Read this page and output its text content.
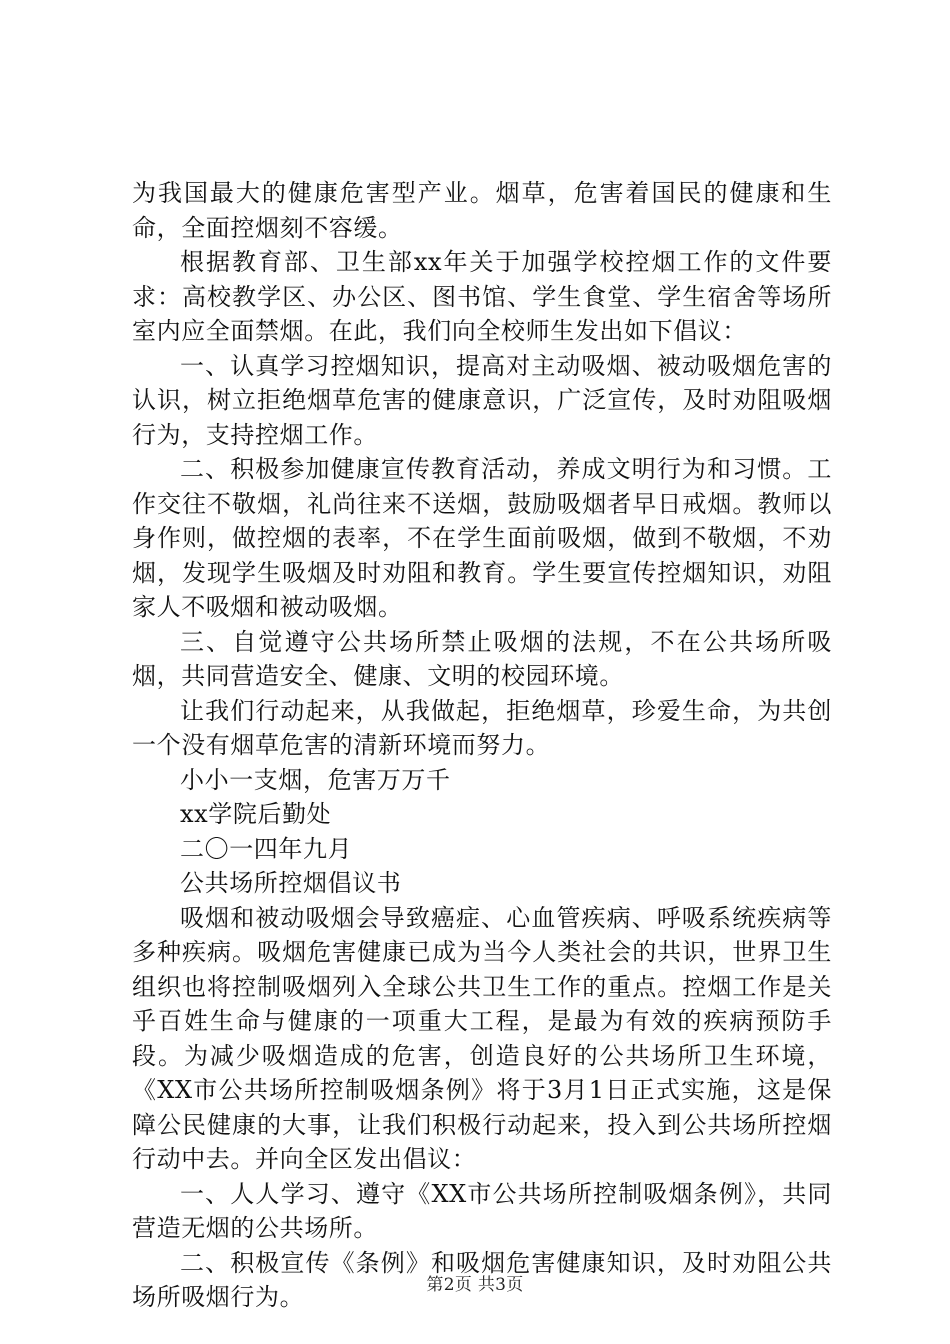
为我国最大的健康危害型产业。烟草，危害着国民的健康和生命，全面控烟刻不容缓。

根据教育部、卫生部xx年关于加强学校控烟工作的文件要求：高校教学区、办公区、图书馆、学生食堂、学生宿舍等场所室内应全面禁烟。在此，我们向全校师生发出如下倡议：

一、认真学习控烟知识，提高对主动吸烟、被动吸烟危害的认识，树立拒绝烟草危害的健康意识，广泛宣传，及时劝阻吸烟行为，支持控烟工作。

二、积极参加健康宣传教育活动，养成文明行为和习惯。工作交往不敬烟，礼尚往来不送烟，鼓励吸烟者早日戒烟。教师以身作则，做控烟的表率，不在学生面前吸烟，做到不敬烟，不劝烟，发现学生吸烟及时劝阻和教育。学生要宣传控烟知识，劝阻家人不吸烟和被动吸烟。

三、自觉遵守公共场所禁止吸烟的法规，不在公共场所吸烟，共同营造安全、健康、文明的校园环境。

让我们行动起来，从我做起，拒绝烟草，珍爱生命，为共创一个没有烟草危害的清新环境而努力。

小小一支烟，危害万万千

xx学院后勤处

二〇一四年九月

公共场所控烟倡议书

吸烟和被动吸烟会导致癌症、心血管疾病、呼吸系统疾病等多种疾病。吸烟危害健康已成为当今人类社会的共识，世界卫生组织也将控制吸烟列入全球公共卫生工作的重点。控烟工作是关乎百姓生命与健康的一项重大工程，是最为有效的疾病预防手段。为减少吸烟造成的危害，创造良好的公共场所卫生环境，《XX市公共场所控制吸烟条例》将于3月1日正式实施，这是保障公民健康的大事，让我们积极行动起来，投入到公共场所控烟行动中去。并向全区发出倡议：

一、人人学习、遵守《XX市公共场所控制吸烟条例》，共同营造无烟的公共场所。

二、积极宣传《条例》和吸烟危害健康知识，及时劝阻公共场所吸烟行为。	第2页 共3页
